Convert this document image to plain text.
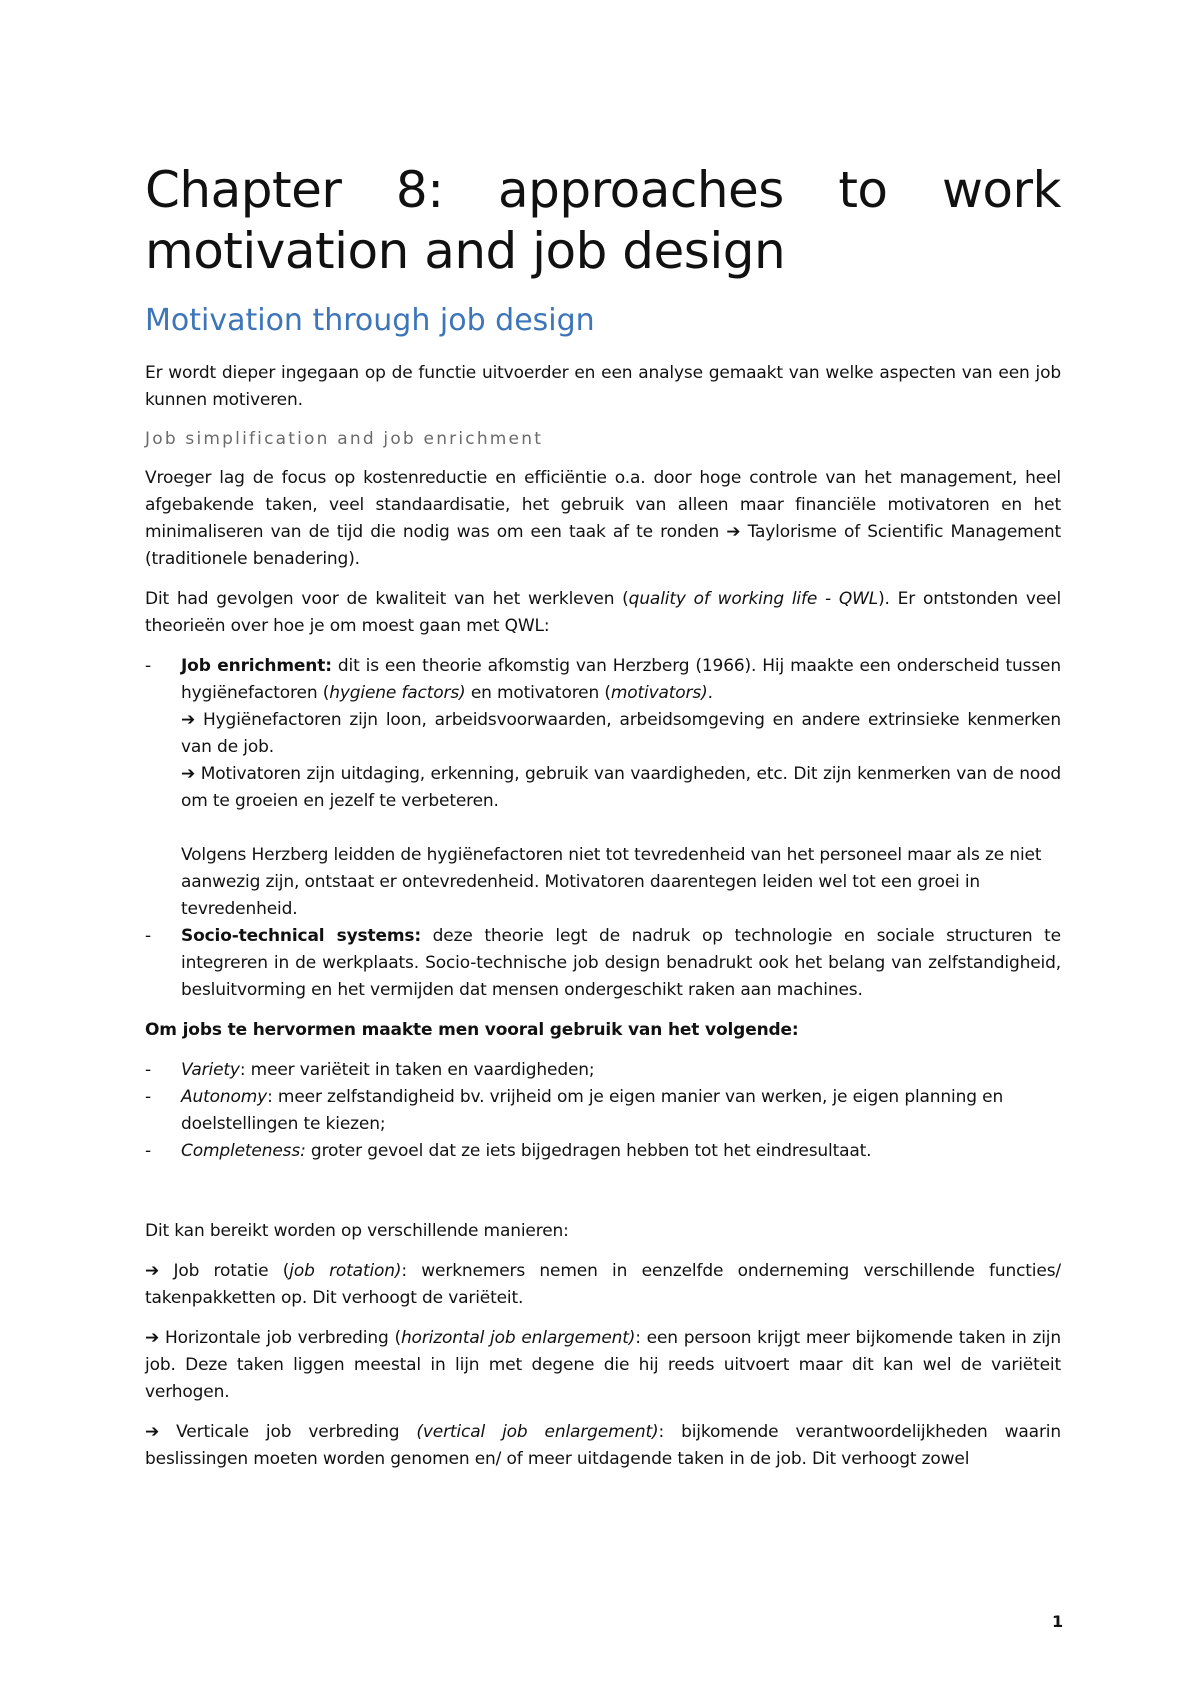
Chapter 8: approaches to work motivation and job design
Motivation through job design

Er wordt dieper ingegaan op de functie uitvoerder en een analyse gemaakt van welke aspecten van een job kunnen motiveren.

Job simplification and job enrichment

Vroeger lag de focus op kostenreductie en efficiëntie o.a. door hoge controle van het management, heel afgebakende taken, veel standaardisatie, het gebruik van alleen maar financiële motivatoren en het minimaliseren van de tijd die nodig was om een taak af te ronden ➔ Taylorisme of Scientific Management (traditionele benadering).

Dit had gevolgen voor de kwaliteit van het werkleven (quality of working life - QWL). Er ontstonden veel theorieën over hoe je om moest gaan met QWL:

- Job enrichment: dit is een theorie afkomstig van Herzberg (1966). Hij maakte een onderscheid tussen hygiënefactoren (hygiene factors) en motivatoren (motivators).
➔ Hygiënefactoren zijn loon, arbeidsvoorwaarden, arbeidsomgeving en andere extrinsieke kenmerken van de job.
➔ Motivatoren zijn uitdaging, erkenning, gebruik van vaardigheden, etc. Dit zijn kenmerken van de nood om te groeien en jezelf te verbeteren.
Volgens Herzberg leidden de hygiënefactoren niet tot tevredenheid van het personeel maar als ze niet aanwezig zijn, ontstaat er ontevredenheid. Motivatoren daarentegen leiden wel tot een groei in tevredenheid.
- Socio-technical systems: deze theorie legt de nadruk op technologie en sociale structuren te integreren in de werkplaats. Socio-technische job design benadrukt ook het belang van zelfstandigheid, besluitvorming en het vermijden dat mensen ondergeschikt raken aan machines.

Om jobs te hervormen maakte men vooral gebruik van het volgende:

- Variety: meer variëteit in taken en vaardigheden;
- Autonomy: meer zelfstandigheid bv. vrijheid om je eigen manier van werken, je eigen planning en doelstellingen te kiezen;
- Completeness: groter gevoel dat ze iets bijgedragen hebben tot het eindresultaat.

Dit kan bereikt worden op verschillende manieren:

➔ Job rotatie (job rotation): werknemers nemen in eenzelfde onderneming verschillende functies/ takenpakketten op. Dit verhoogt de variëteit.

➔ Horizontale job verbreding (horizontal job enlargement): een persoon krijgt meer bijkomende taken in zijn job. Deze taken liggen meestal in lijn met degene die hij reeds uitvoert maar dit kan wel de variëteit verhogen.

➔ Verticale job verbreding (vertical job enlargement): bijkomende verantwoordelijkheden waarin beslissingen moeten worden genomen en/ of meer uitdagende taken in de job. Dit verhoogt zowel

1
